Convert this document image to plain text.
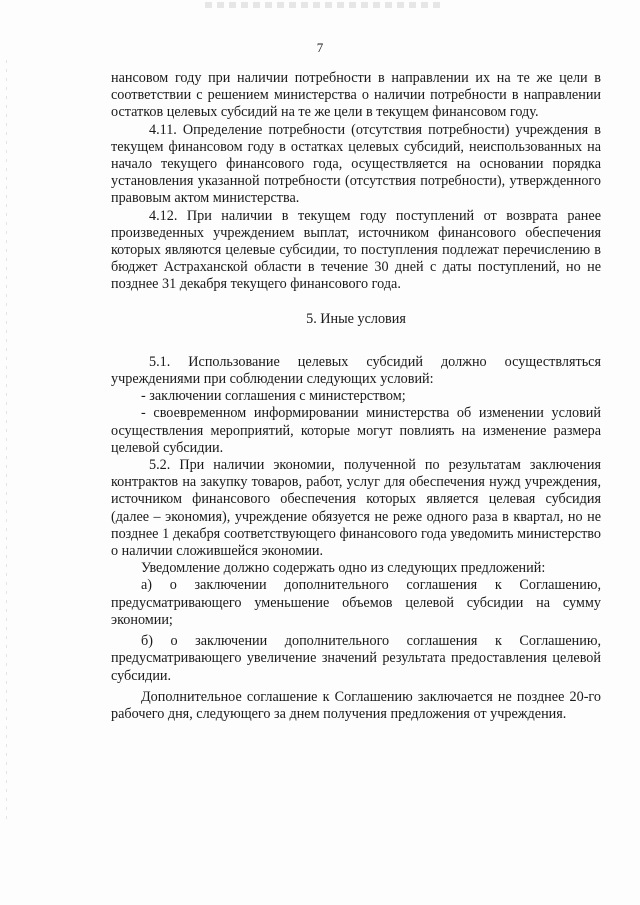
7

нансовом году при наличии потребности в направлении их на те же цели в соответствии с решением министерства о наличии потребности в направлении остатков целевых субсидий на те же цели в текущем финансовом году.

4.11. Определение потребности (отсутствия потребности) учреждения в текущем финансовом году в остатках целевых субсидий, неиспользованных на начало текущего финансового года, осуществляется на основании порядка установления указанной потребности (отсутствия потребности), утвержденного правовым актом министерства.

4.12. При наличии в текущем году поступлений от возврата ранее произведенных учреждением выплат, источником финансового обеспечения которых являются целевые субсидии, то поступления подлежат перечислению в бюджет Астраханской области в течение 30 дней с даты поступлений, но не позднее 31 декабря текущего финансового года.

5. Иные условия

5.1. Использование целевых субсидий должно осуществляться учреждениями при соблюдении следующих условий:

- заключении соглашения с министерством;

- своевременном информировании министерства об изменении условий осуществления мероприятий, которые могут повлиять на изменение размера целевой субсидии.

5.2. При наличии экономии, полученной по результатам заключения контрактов на закупку товаров, работ, услуг для обеспечения нужд учреждения, источником финансового обеспечения которых является целевая субсидия (далее – экономия), учреждение обязуется не реже одного раза в квартал, но не позднее 1 декабря соответствующего финансового года уведомить министерство о наличии сложившейся экономии.

Уведомление должно содержать одно из следующих предложений:

а) о заключении дополнительного соглашения к Соглашению, предусматривающего уменьшение объемов целевой субсидии на сумму экономии;

б) о заключении дополнительного соглашения к Соглашению, предусматривающего увеличение значений результата предоставления целевой субсидии.

Дополнительное соглашение к Соглашению заключается не позднее 20-го рабочего дня, следующего за днем получения предложения от учреждения.
